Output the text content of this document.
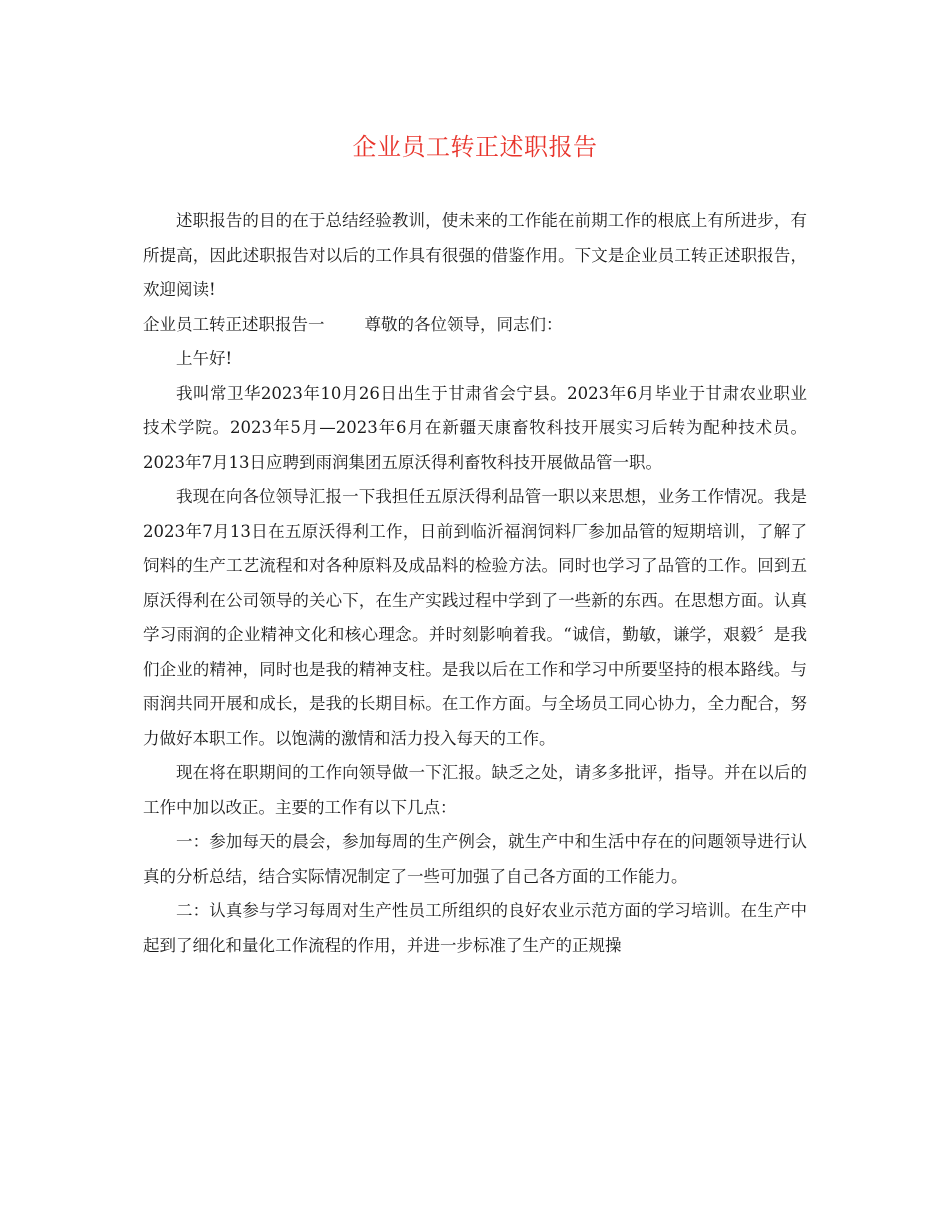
企业员工转正述职报告

述职报告的目的在于总结经验教训，使未来的工作能在前期工作的根底上有所进步，有所提高，因此述职报告对以后的工作具有很强的借鉴作用。下文是企业员工转正述职报告，欢迎阅读!

企业员工转正述职报告一 尊敬的各位领导，同志们：

上午好!

我叫常卫华2023年10月26日出生于甘肃省会宁县。2023年6月毕业于甘肃农业职业技术学院。2023年5月—2023年6月在新疆天康畜牧科技开展实习后转为配种技术员。2023年7月13日应聘到雨润集团五原沃得利畜牧科技开展做品管一职。

我现在向各位领导汇报一下我担任五原沃得利品管一职以来思想，业务工作情况。我是2023年7月13日在五原沃得利工作，日前到临沂福润饲料厂参加品管的短期培训，了解了饲料的生产工艺流程和对各种原料及成品料的检验方法。同时也学习了品管的工作。回到五原沃得利在公司领导的关心下，在生产实践过程中学到了一些新的东西。在思想方面。认真学习雨润的企业精神文化和核心理念。并时刻影响着我。“诚信，勤敏，谦学，艰毅〞是我们企业的精神，同时也是我的精神支柱。是我以后在工作和学习中所要坚持的根本路线。与雨润共同开展和成长，是我的长期目标。在工作方面。与全场员工同心协力，全力配合，努力做好本职工作。以饱满的激情和活力投入每天的工作。

现在将在职期间的工作向领导做一下汇报。缺乏之处，请多多批评，指导。并在以后的工作中加以改正。主要的工作有以下几点：

一：参加每天的晨会，参加每周的生产例会，就生产中和生活中存在的问题领导进行认真的分析总结，结合实际情况制定了一些可加强了自己各方面的工作能力。

二：认真参与学习每周对生产性员工所组织的良好农业示范方面的学习培训。在生产中起到了细化和量化工作流程的作用，并进一步标准了生产的正规操
